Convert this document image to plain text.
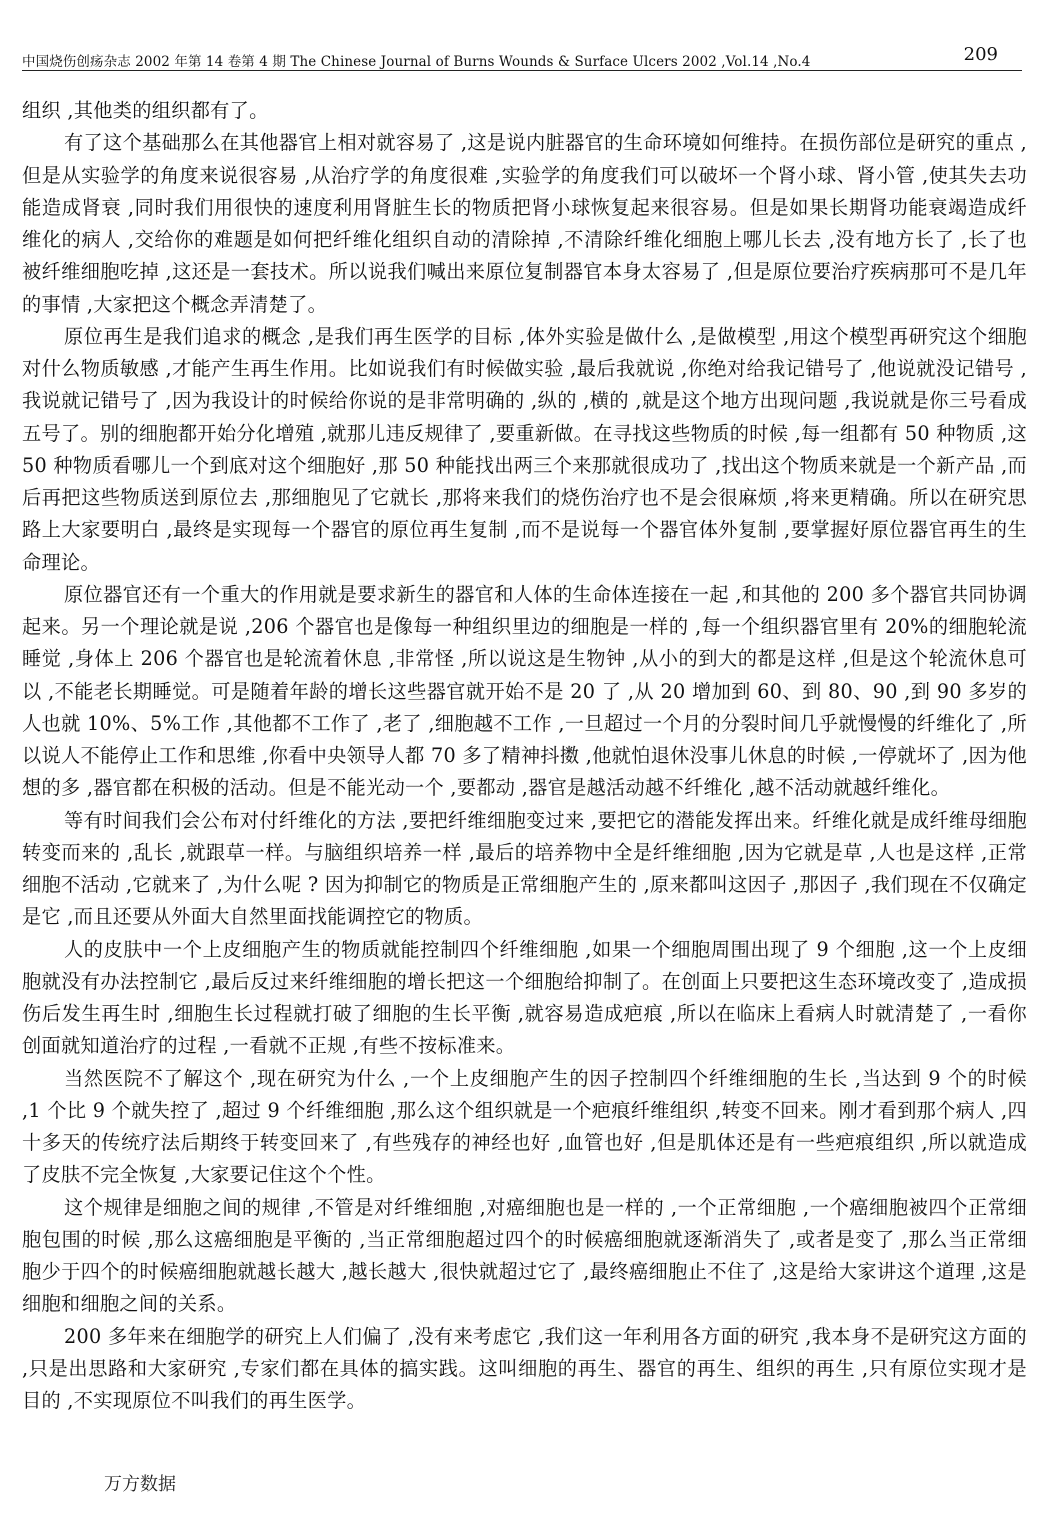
中国烧伤创疡杂志 2002 年第 14 卷第 4 期 The Chinese Journal of Burns Wounds & Surface Ulcers 2002 ,Vol.14 ,No.4	209

组织 ,其他类的组织都有了。

有了这个基础那么在其他器官上相对就容易了 ,这是说内脏器官的生命环境如何维持。在损伤部位是研究的重点 ,但是从实验学的角度来说很容易 ,从治疗学的角度很难 ,实验学的角度我们可以破坏一个肾小球、肾小管 ,使其失去功能造成肾衰 ,同时我们用很快的速度利用肾脏生长的物质把肾小球恢复起来很容易。但是如果长期肾功能衰竭造成纤维化的病人 ,交给你的难题是如何把纤维化组织自动的清除掉 ,不清除纤维化细胞上哪儿长去 ,没有地方长了 ,长了也被纤维细胞吃掉 ,这还是一套技术。所以说我们喊出来原位复制器官本身太容易了 ,但是原位要治疗疾病那可不是几年的事情 ,大家把这个概念弄清楚了。

原位再生是我们追求的概念 ,是我们再生医学的目标 ,体外实验是做什么 ,是做模型 ,用这个模型再研究这个细胞对什么物质敏感 ,才能产生再生作用。比如说我们有时候做实验 ,最后我就说 ,你绝对给我记错号了 ,他说就没记错号 ,我说就记错号了 ,因为我设计的时候给你说的是非常明确的 ,纵的 ,横的 ,就是这个地方出现问题 ,我说就是你三号看成五号了。别的细胞都开始分化增殖 ,就那儿违反规律了 ,要重新做。在寻找这些物质的时候 ,每一组都有 50 种物质 ,这 50 种物质看哪儿一个到底对这个细胞好 ,那 50 种能找出两三个来那就很成功了 ,找出这个物质来就是一个新产品 ,而后再把这些物质送到原位去 ,那细胞见了它就长 ,那将来我们的烧伤治疗也不是会很麻烦 ,将来更精确。所以在研究思路上大家要明白 ,最终是实现每一个器官的原位再生复制 ,而不是说每一个器官体外复制 ,要掌握好原位器官再生的生命理论。

原位器官还有一个重大的作用就是要求新生的器官和人体的生命体连接在一起 ,和其他的 200 多个器官共同协调起来。另一个理论就是说 ,206 个器官也是像每一种组织里边的细胞是一样的 ,每一个组织器官里有 20%的细胞轮流睡觉 ,身体上 206 个器官也是轮流着休息 ,非常怪 ,所以说这是生物钟 ,从小的到大的都是这样 ,但是这个轮流休息可以 ,不能老长期睡觉。可是随着年龄的增长这些器官就开始不是 20 了 ,从 20 增加到 60、到 80、90 ,到 90 多岁的人也就 10%、5%工作 ,其他都不工作了 ,老了 ,细胞越不工作 ,一旦超过一个月的分裂时间几乎就慢慢的纤维化了 ,所以说人不能停止工作和思维 ,你看中央领导人都 70 多了精神抖擞 ,他就怕退休没事儿休息的时候 ,一停就坏了 ,因为他想的多 ,器官都在积极的活动。但是不能光动一个 ,要都动 ,器官是越活动越不纤维化 ,越不活动就越纤维化。

等有时间我们会公布对付纤维化的方法 ,要把纤维细胞变过来 ,要把它的潜能发挥出来。纤维化就是成纤维母细胞转变而来的 ,乱长 ,就跟草一样。与脑组织培养一样 ,最后的培养物中全是纤维细胞 ,因为它就是草 ,人也是这样 ,正常细胞不活动 ,它就来了 ,为什么呢 ? 因为抑制它的物质是正常细胞产生的 ,原来都叫这因子 ,那因子 ,我们现在不仅确定是它 ,而且还要从外面大自然里面找能调控它的物质。

人的皮肤中一个上皮细胞产生的物质就能控制四个纤维细胞 ,如果一个细胞周围出现了 9 个细胞 ,这一个上皮细胞就没有办法控制它 ,最后反过来纤维细胞的增长把这一个细胞给抑制了。在创面上只要把这生态环境改变了 ,造成损伤后发生再生时 ,细胞生长过程就打破了细胞的生长平衡 ,就容易造成疤痕 ,所以在临床上看病人时就清楚了 ,一看你创面就知道治疗的过程 ,一看就不正规 ,有些不按标准来。

当然医院不了解这个 ,现在研究为什么 ,一个上皮细胞产生的因子控制四个纤维细胞的生长 ,当达到 9 个的时候 ,1 个比 9 个就失控了 ,超过 9 个纤维细胞 ,那么这个组织就是一个疤痕纤维组织 ,转变不回来。刚才看到那个病人 ,四十多天的传统疗法后期终于转变回来了 ,有些残存的神经也好 ,血管也好 ,但是肌体还是有一些疤痕组织 ,所以就造成了皮肤不完全恢复 ,大家要记住这个个性。

这个规律是细胞之间的规律 ,不管是对纤维细胞 ,对癌细胞也是一样的 ,一个正常细胞 ,一个癌细胞被四个正常细胞包围的时候 ,那么这癌细胞是平衡的 ,当正常细胞超过四个的时候癌细胞就逐渐消失了 ,或者是变了 ,那么当正常细胞少于四个的时候癌细胞就越长越大 ,越长越大 ,很快就超过它了 ,最终癌细胞止不住了 ,这是给大家讲这个道理 ,这是细胞和细胞之间的关系。

200 多年来在细胞学的研究上人们偏了 ,没有来考虑它 ,我们这一年利用各方面的研究 ,我本身不是研究这方面的 ,只是出思路和大家研究 ,专家们都在具体的搞实践。这叫细胞的再生、器官的再生、组织的再生 ,只有原位实现才是目的 ,不实现原位不叫我们的再生医学。

万方数据
